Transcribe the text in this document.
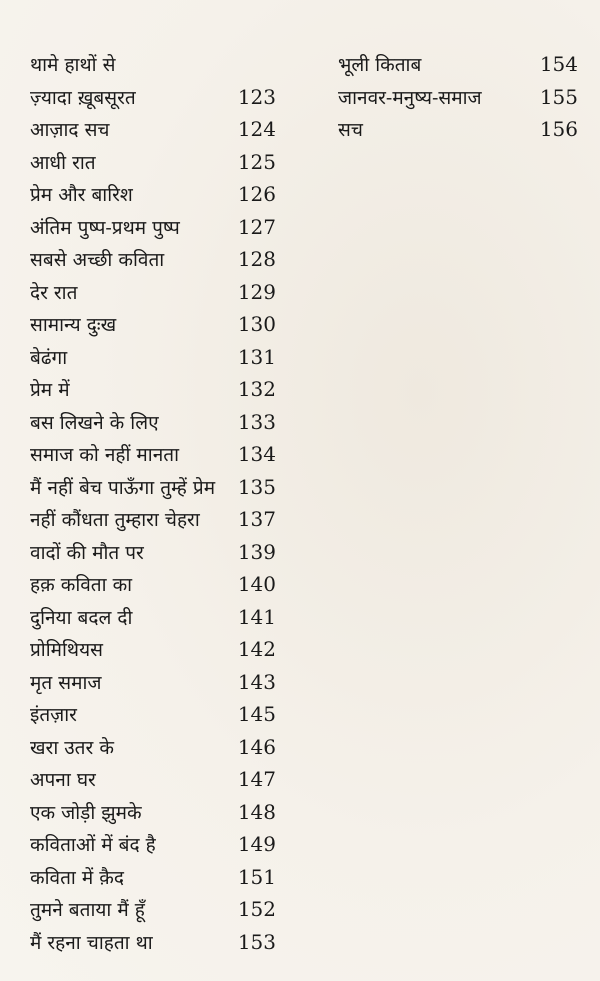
थामे हाथों से
ज़्यादा ख़ूबसूरत	123
आज़ाद सच	124
आधी रात	125
प्रेम और बारिश	126
अंतिम पुष्प-प्रथम पुष्प	127
सबसे अच्छी कविता	128
देर रात	129
सामान्य दुःख	130
बेढंगा	131
प्रेम में	132
बस लिखने के लिए	133
समाज को नहीं मानता	134
मैं नहीं बेच पाऊँगा तुम्हें प्रेम 135
नहीं कौंधता तुम्हारा चेहरा 137
वादों की मौत पर	139
हक़ कविता का	140
दुनिया बदल दी	141
प्रोमिथियस	142
मृत समाज	143
इंतज़ार	145
खरा उतर के	146
अपना घर	147
एक जोड़ी झुमके	148
कविताओं में बंद है	149
कविता में क़ैद	151
तुमने बताया मैं हूँ	152
मैं रहना चाहता था	153
भूली किताब	154
जानवर-मनुष्य-समाज	155
सच	156
